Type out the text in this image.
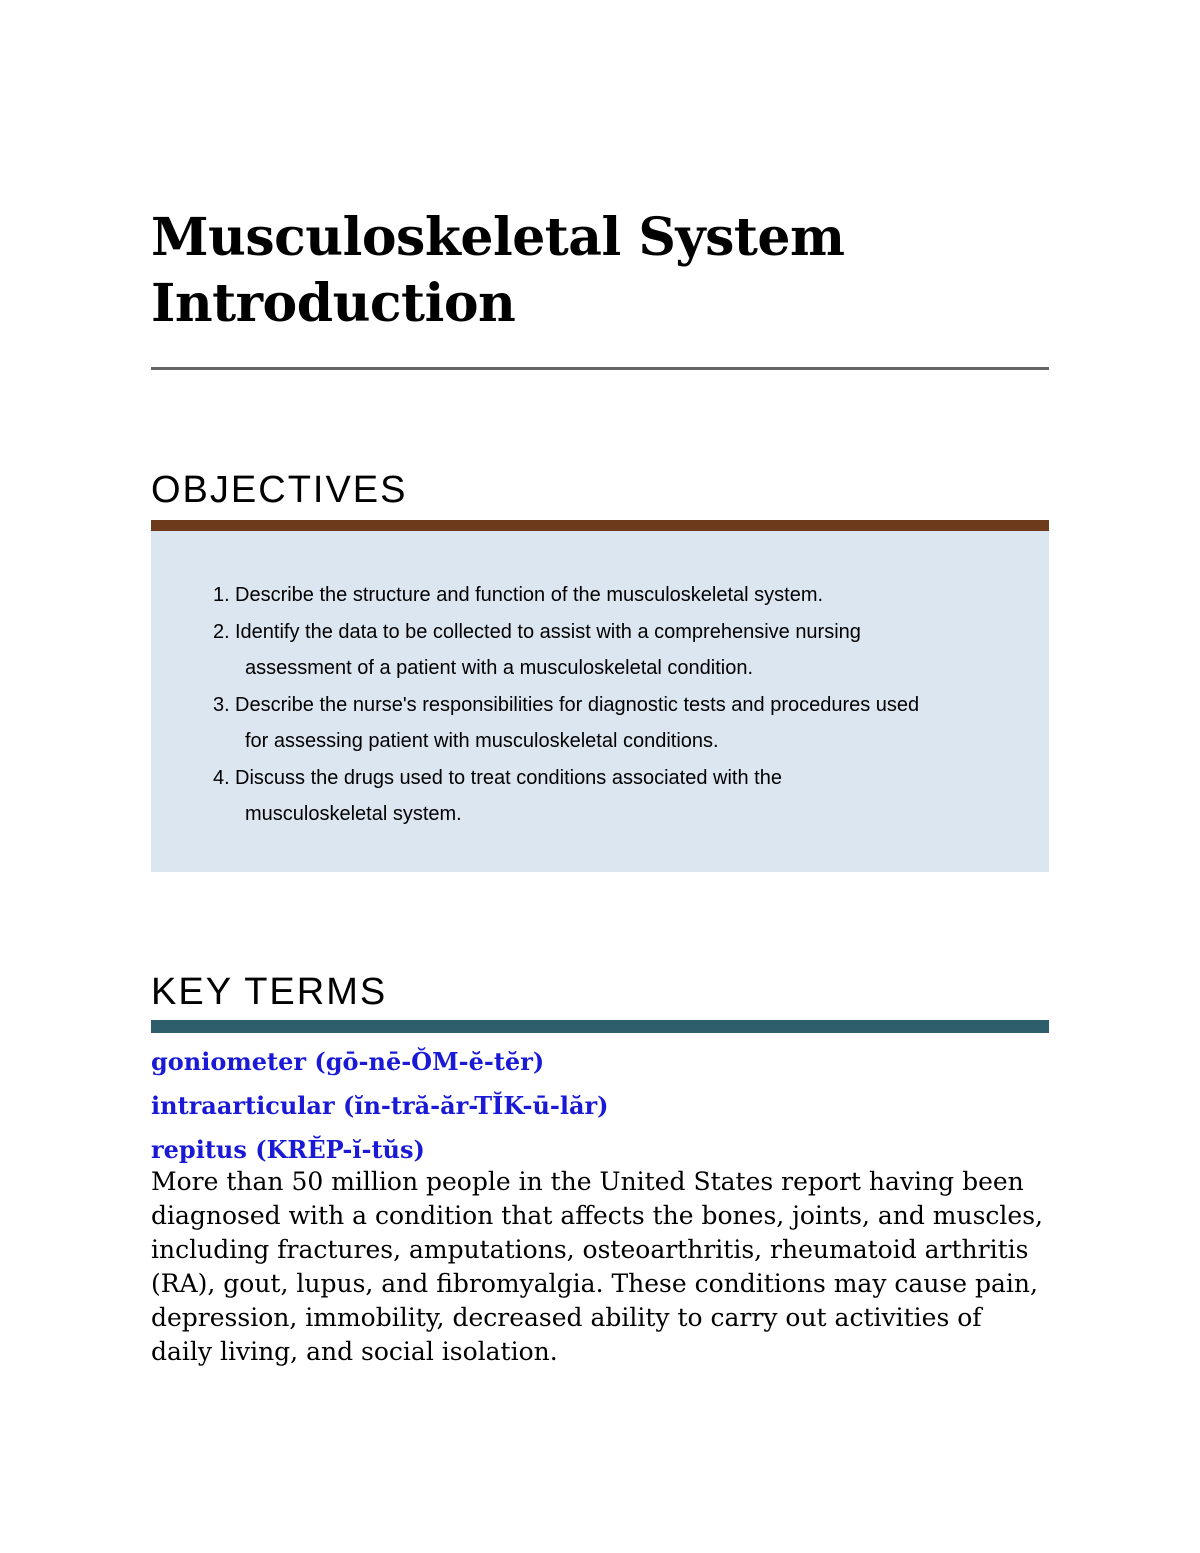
Musculoskeletal System
Introduction
OBJECTIVES
1. Describe the structure and function of the musculoskeletal system.
2. Identify the data to be collected to assist with a comprehensive nursing
assessment of a patient with a musculoskeletal condition.
3. Describe the nurse's responsibilities for diagnostic tests and procedures used
for assessing patient with musculoskeletal conditions.
4. Discuss the drugs used to treat conditions associated with the
musculoskeletal system.
KEY TERMS
goniometer (gō-nē-ŎM-ĕ-tĕr)
intraarticular (ĭn-tră-ăr-TĬK-ū-lăr)
repitus (KRĔP-ĭ-tŭs)

More than 50 million people in the United States report having been diagnosed with a condition that affects the bones, joints, and muscles, including fractures, amputations, osteoarthritis, rheumatoid arthritis (RA), gout, lupus, and fibromyalgia. These conditions may cause pain, depression, immobility, decreased ability to carry out activities of daily living, and social isolation.
